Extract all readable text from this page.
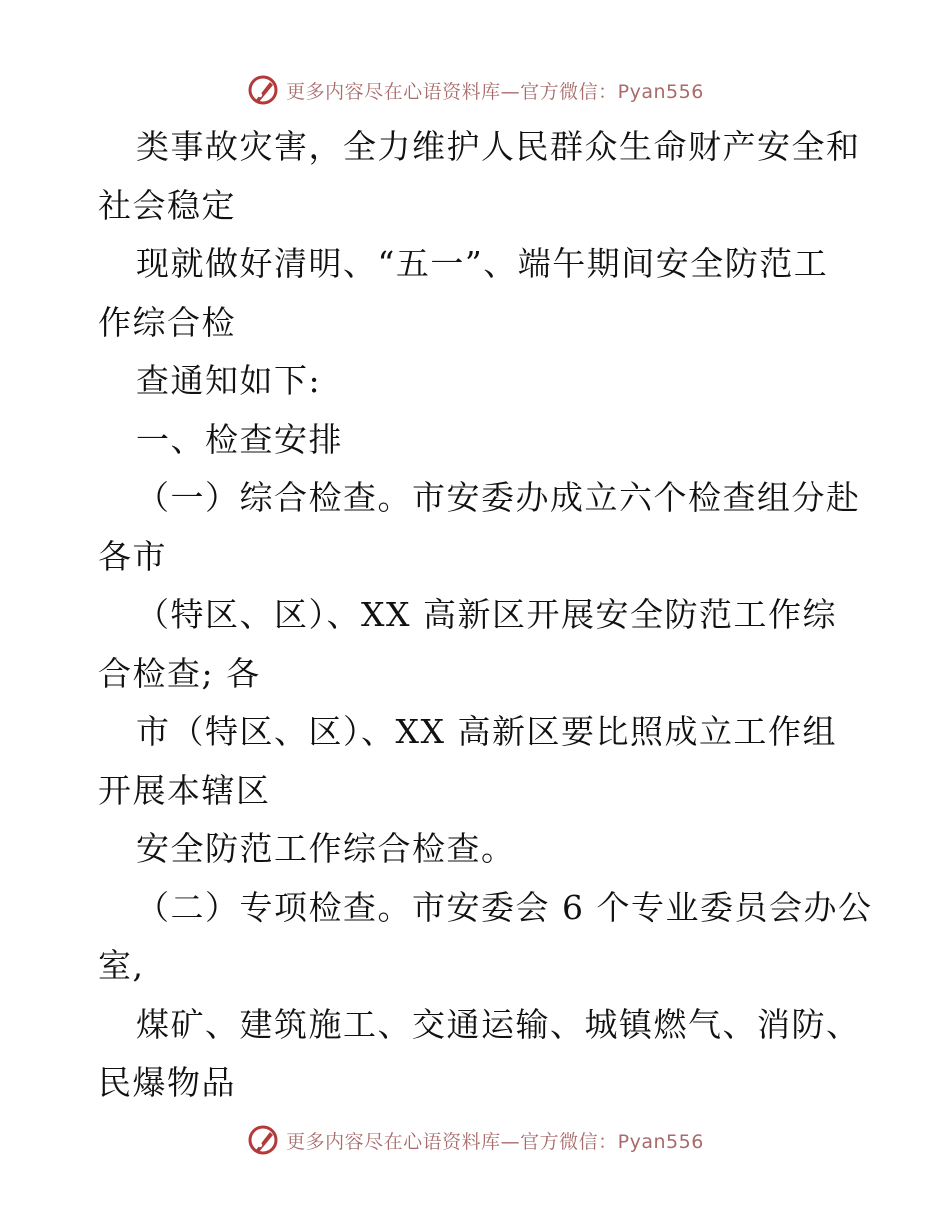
更多内容尽在心语资料库—官方微信：Pyan556
类事故灾害，全力维护人民群众生命财产安全和
社会稳定
现就做好清明、“五一”、端午期间安全防范工
作综合检
查通知如下:
一、检查安排
（一）综合检查。市安委办成立六个检查组分赴
各市
（特区、区）、XX 高新区开展安全防范工作综
合检查; 各
市（特区、区）、XX 高新区要比照成立工作组
开展本辖区
安全防范工作综合检查。
（二）专项检查。市安委会 6 个专业委员会办公
室,
煤矿、建筑施工、交通运输、城镇燃气、消防、
民爆物品
更多内容尽在心语资料库—官方微信：Pyan556
